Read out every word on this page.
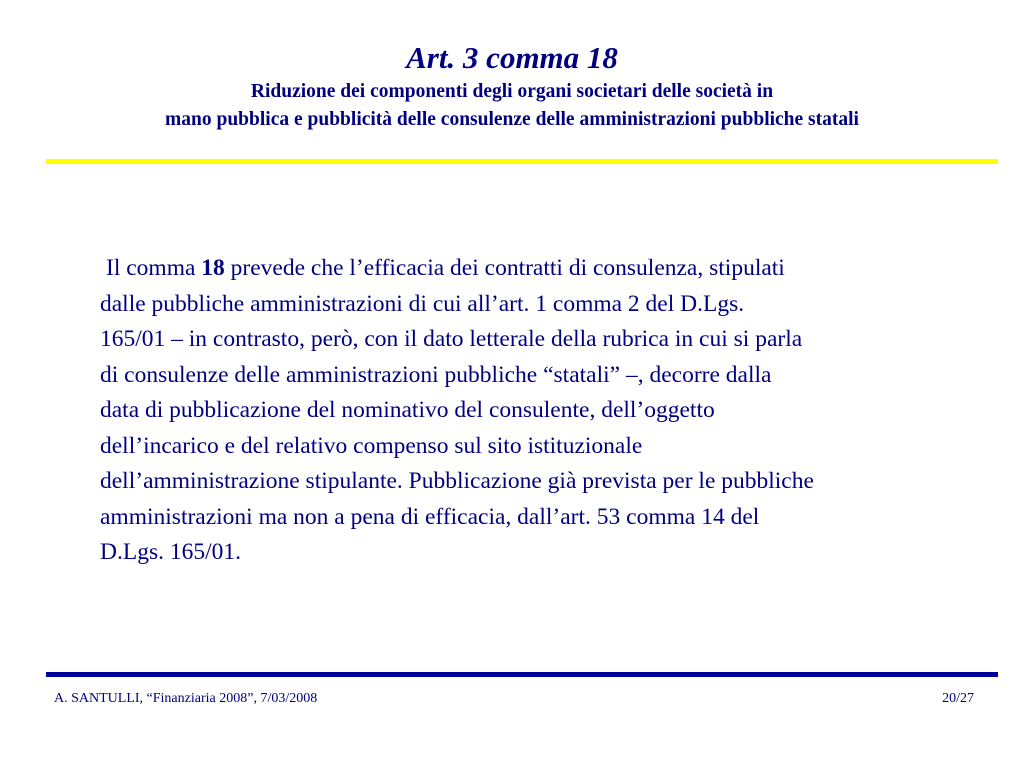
Art. 3 comma 18
Riduzione dei componenti degli organi societari delle società in
mano pubblica e pubblicità delle consulenze delle amministrazioni pubbliche statali
Il comma 18 prevede che l’efficacia dei contratti di consulenza, stipulati
dalle pubbliche amministrazioni di cui all’art. 1 comma 2 del D.Lgs.
165/01 – in contrasto, però, con il dato letterale della rubrica in cui si parla
di consulenze delle amministrazioni pubbliche “statali” –, decorre dalla
data di pubblicazione del nominativo del consulente, dell’oggetto
dell’incarico e del relativo compenso sul sito istituzionale
dell’amministrazione stipulante. Pubblicazione già prevista per le pubbliche
amministrazioni ma non a pena di efficacia, dall’art. 53 comma 14 del
D.Lgs. 165/01.
A. SANTULLI, “Finanziaria 2008”, 7/03/2008	20/27
